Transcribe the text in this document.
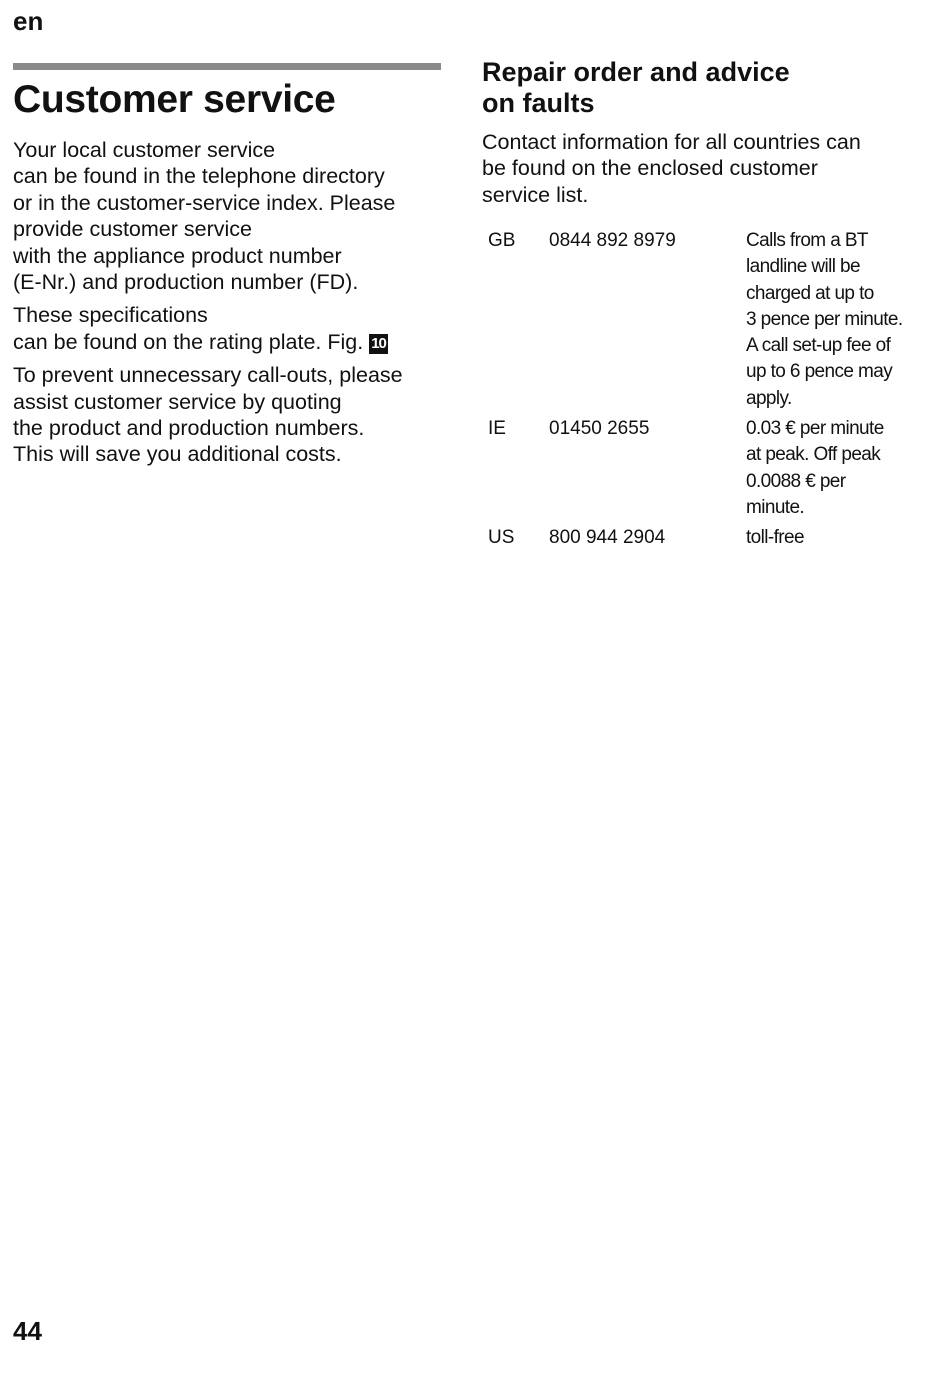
en
Customer service

Your local customer service
can be found in the telephone directory
or in the customer-service index. Please
provide customer service
with the appliance product number
(E-Nr.) and production number (FD).

These specifications
can be found on the rating plate. Fig. 10

To prevent unnecessary call-outs, please
assist customer service by quoting
the product and production numbers.
This will save you additional costs.

Repair order and advice
on faults
Contact information for all countries can
be found on the enclosed customer
service list.
GB 0844 892 8979	Calls from a BT
landline will be
charged at up to
3 pence per minute.
A call set-up fee of
up to 6 pence may
apply.
IE 01450 2655	0.03 € per minute
at peak. Off peak
0.0088 € per
minute.
US 800 944 2904	toll-free
44
